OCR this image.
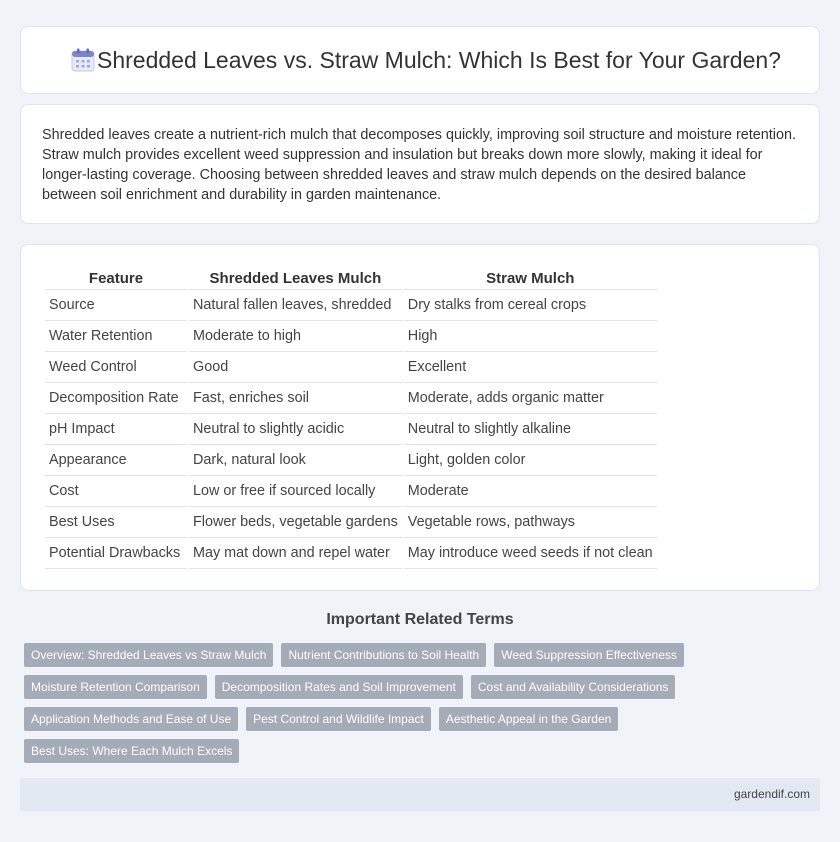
Shredded Leaves vs. Straw Mulch: Which Is Best for Your Garden?

Shredded leaves create a nutrient-rich mulch that decomposes quickly, improving soil structure and moisture retention. Straw mulch provides excellent weed suppression and insulation but breaks down more slowly, making it ideal for longer-lasting coverage. Choosing between shredded leaves and straw mulch depends on the desired balance between soil enrichment and durability in garden maintenance.

Feature	Shredded Leaves Mulch	Straw Mulch
Source	Natural fallen leaves, shredded	Dry stalks from cereal crops
Water Retention	Moderate to high	High
Weed Control	Good	Excellent
Decomposition Rate	Fast, enriches soil	Moderate, adds organic matter
pH Impact	Neutral to slightly acidic	Neutral to slightly alkaline
Appearance	Dark, natural look	Light, golden color
Cost	Low or free if sourced locally	Moderate
Best Uses	Flower beds, vegetable gardens	Vegetable rows, pathways
Potential Drawbacks	May mat down and repel water	May introduce weed seeds if not clean
Important Related Terms
Overview: Shredded Leaves vs Straw Mulch	Nutrient Contributions to Soil Health	Weed Suppression Effectiveness
Moisture Retention Comparison	Decomposition Rates and Soil Improvement	Cost and Availability Considerations
Application Methods and Ease of Use	Pest Control and Wildlife Impact	Aesthetic Appeal in the Garden
Best Uses: Where Each Mulch Excels
gardendif.com
